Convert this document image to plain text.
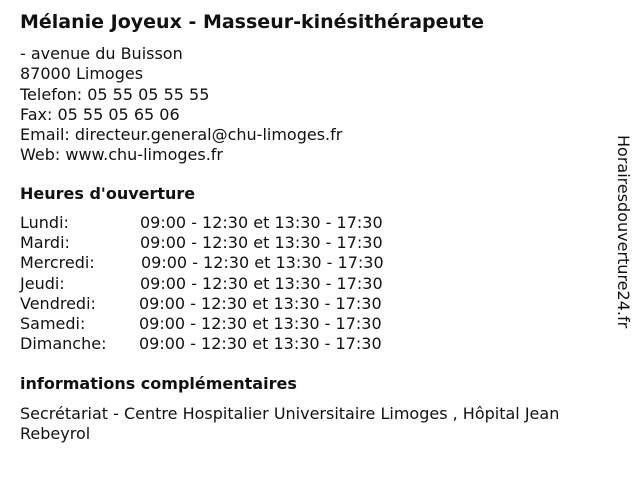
Mélanie Joyeux - Masseur-kinésithérapeute
- avenue du Buisson
87000 Limoges
Telefon: 05 55 05 55 55
Fax: 05 55 05 65 06
Email: directeur.general@chu-limoges.fr
Web: www.chu-limoges.fr
Heures d'ouverture
Lundi:	09:00 - 12:30 et 13:30 - 17:30
Mardi:	09:00 - 12:30 et 13:30 - 17:30
Mercredi:	09:00 - 12:30 et 13:30 - 17:30
Jeudi:	09:00 - 12:30 et 13:30 - 17:30
Vendredi:	09:00 - 12:30 et 13:30 - 17:30
Samedi:	09:00 - 12:30 et 13:30 - 17:30
Dimanche: 09:00 - 12:30 et 13:30 - 17:30
informations complémentaires
Secrétariat - Centre Hospitalier Universitaire Limoges , Hôpital Jean Rebeyrol
Horairesdouverture24.fr
